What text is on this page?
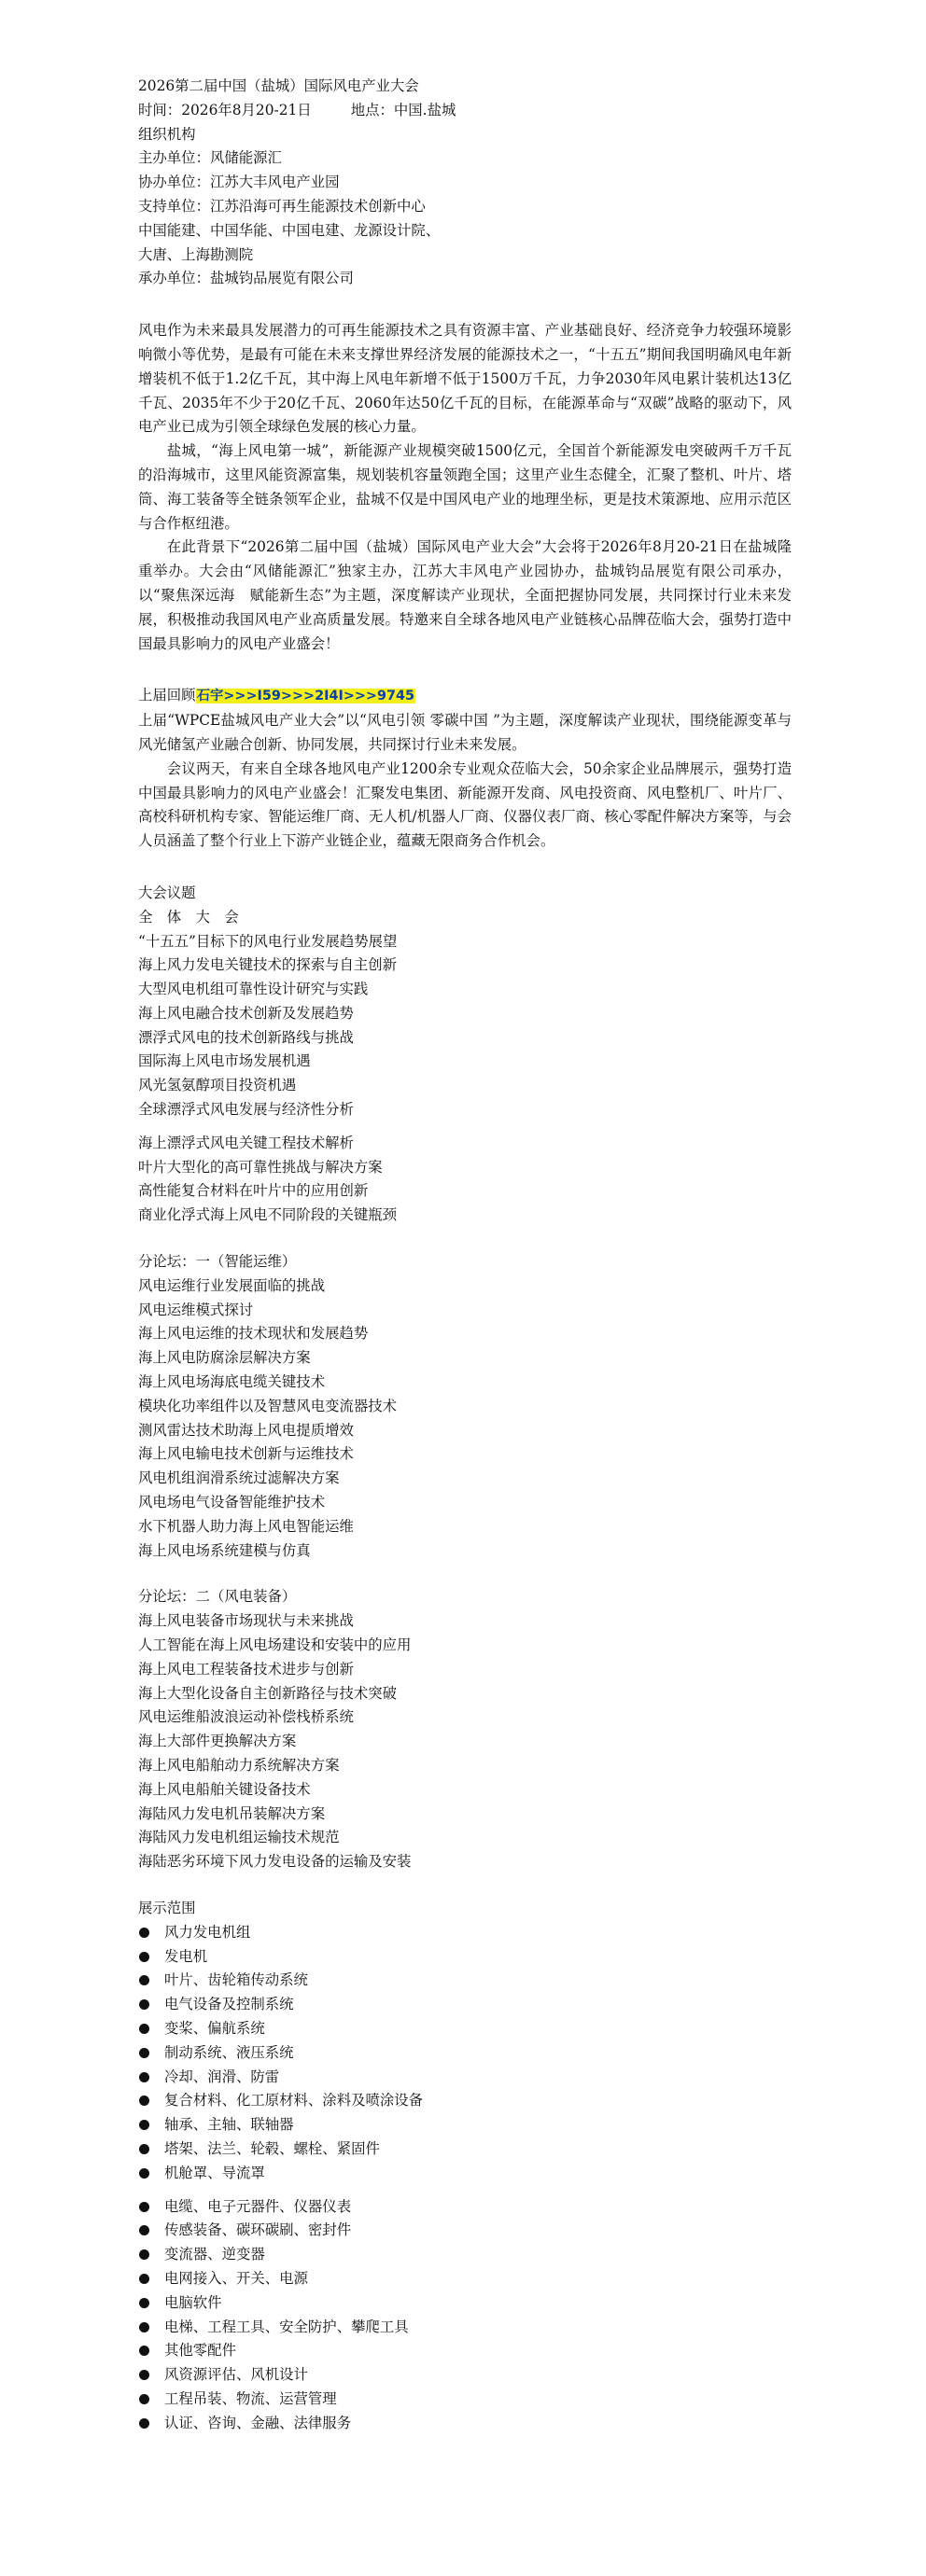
2026第二届中国（盐城）国际风电产业大会
时间：2026年8月20-21日	地点：中国.盐城
组织机构
主办单位：风储能源汇
协办单位：江苏大丰风电产业园
支持单位：江苏沿海可再生能源技术创新中心
中国能建、中国华能、中国电建、龙源设计院、
大唐、上海勘测院
承办单位：盐城钧品展览有限公司
风电作为未来最具发展潜力的可再生能源技术之具有资源丰富、产业基础良好、经济竞争力较强环境影响微小等优势，是最有可能在未来支撑世界经济发展的能源技术之一，“十五五”期间我国明确风电年新增装机不低于1.2亿千瓦，其中海上风电年新增不低于1500万千瓦，力争2030年风电累计装机达13亿千瓦、2035年不少于20亿千瓦、2060年达50亿千瓦的目标，在能源革命与“双碳”战略的驱动下，风电产业已成为引领全球绿色发展的核心力量。
盐城，“海上风电第一城”，新能源产业规模突破1500亿元，全国首个新能源发电突破两千万千瓦的沿海城市，这里风能资源富集，规划装机容量领跑全国；这里产业生态健全，汇聚了整机、叶片、塔筒、海工装备等全链条领军企业，盐城不仅是中国风电产业的地理坐标，更是技术策源地、应用示范区与合作枢纽港。
在此背景下“2026第二届中国（盐城）国际风电产业大会”大会将于2026年8月20-21日在盐城隆重举办。大会由“风储能源汇”独家主办，江苏大丰风电产业园协办，盐城钧品展览有限公司承办，以“聚焦深远海　赋能新生态”为主题，深度解读产业现状，全面把握协同发展，共同探讨行业未来发展，积极推动我国风电产业高质量发展。特邀来自全球各地风电产业链核心品牌莅临大会，强势打造中国最具影响力的风电产业盛会！
上届回顾石宇>>>I59>>>2I4I>>>9745
上届“WPCE盐城风电产业大会”以“风电引领 零碳中国 ”为主题，深度解读产业现状，围绕能源变革与风光储氢产业融合创新、协同发展，共同探讨行业未来发展。
会议两天，有来自全球各地风电产业1200余专业观众莅临大会，50余家企业品牌展示，强势打造中国最具影响力的风电产业盛会！汇聚发电集团、新能源开发商、风电投资商、风电整机厂、叶片厂、高校科研机构专家、智能运维厂商、无人机/机器人厂商、仪器仪表厂商、核心零配件解决方案等，与会人员涵盖了整个行业上下游产业链企业，蕴藏无限商务合作机会。
大会议题
全　体　大　会
“十五五”目标下的风电行业发展趋势展望
海上风力发电关键技术的探索与自主创新
大型风电机组可靠性设计研究与实践
海上风电融合技术创新及发展趋势
漂浮式风电的技术创新路线与挑战
国际海上风电市场发展机遇
风光氢氨醇项目投资机遇
全球漂浮式风电发展与经济性分析
海上漂浮式风电关键工程技术解析
叶片大型化的高可靠性挑战与解决方案
高性能复合材料在叶片中的应用创新
商业化浮式海上风电不同阶段的关键瓶颈
分论坛：一（智能运维）
风电运维行业发展面临的挑战
风电运维模式探讨
海上风电运维的技术现状和发展趋势
海上风电防腐涂层解决方案
海上风电场海底电缆关键技术
模块化功率组件以及智慧风电变流器技术
测风雷达技术助海上风电提质增效
海上风电输电技术创新与运维技术
风电机组润滑系统过滤解决方案
风电场电气设备智能维护技术
水下机器人助力海上风电智能运维
海上风电场系统建模与仿真
分论坛：二（风电装备）
海上风电装备市场现状与未来挑战
人工智能在海上风电场建设和安装中的应用
海上风电工程装备技术进步与创新
海上大型化设备自主创新路径与技术突破
风电运维船波浪运动补偿栈桥系统
海上大部件更换解决方案
海上风电船舶动力系统解决方案
海上风电船舶关键设备技术
海陆风力发电机吊装解决方案
海陆风力发电机组运输技术规范
海陆恶劣环境下风力发电设备的运输及安装
展示范围
风力发电机组
发电机
叶片、齿轮箱传动系统
电气设备及控制系统
变桨、偏航系统
制动系统、液压系统
冷却、润滑、防雷
复合材料、化工原材料、涂料及喷涂设备
轴承、主轴、联轴器
塔架、法兰、轮毂、螺栓、紧固件
机舱罩、导流罩
电缆、电子元器件、仪器仪表
传感装备、碳环碳刷、密封件
变流器、逆变器
电网接入、开关、电源
电脑软件
电梯、工程工具、安全防护、攀爬工具
其他零配件
风资源评估、风机设计
工程吊装、物流、运营管理
认证、咨询、金融、法律服务
